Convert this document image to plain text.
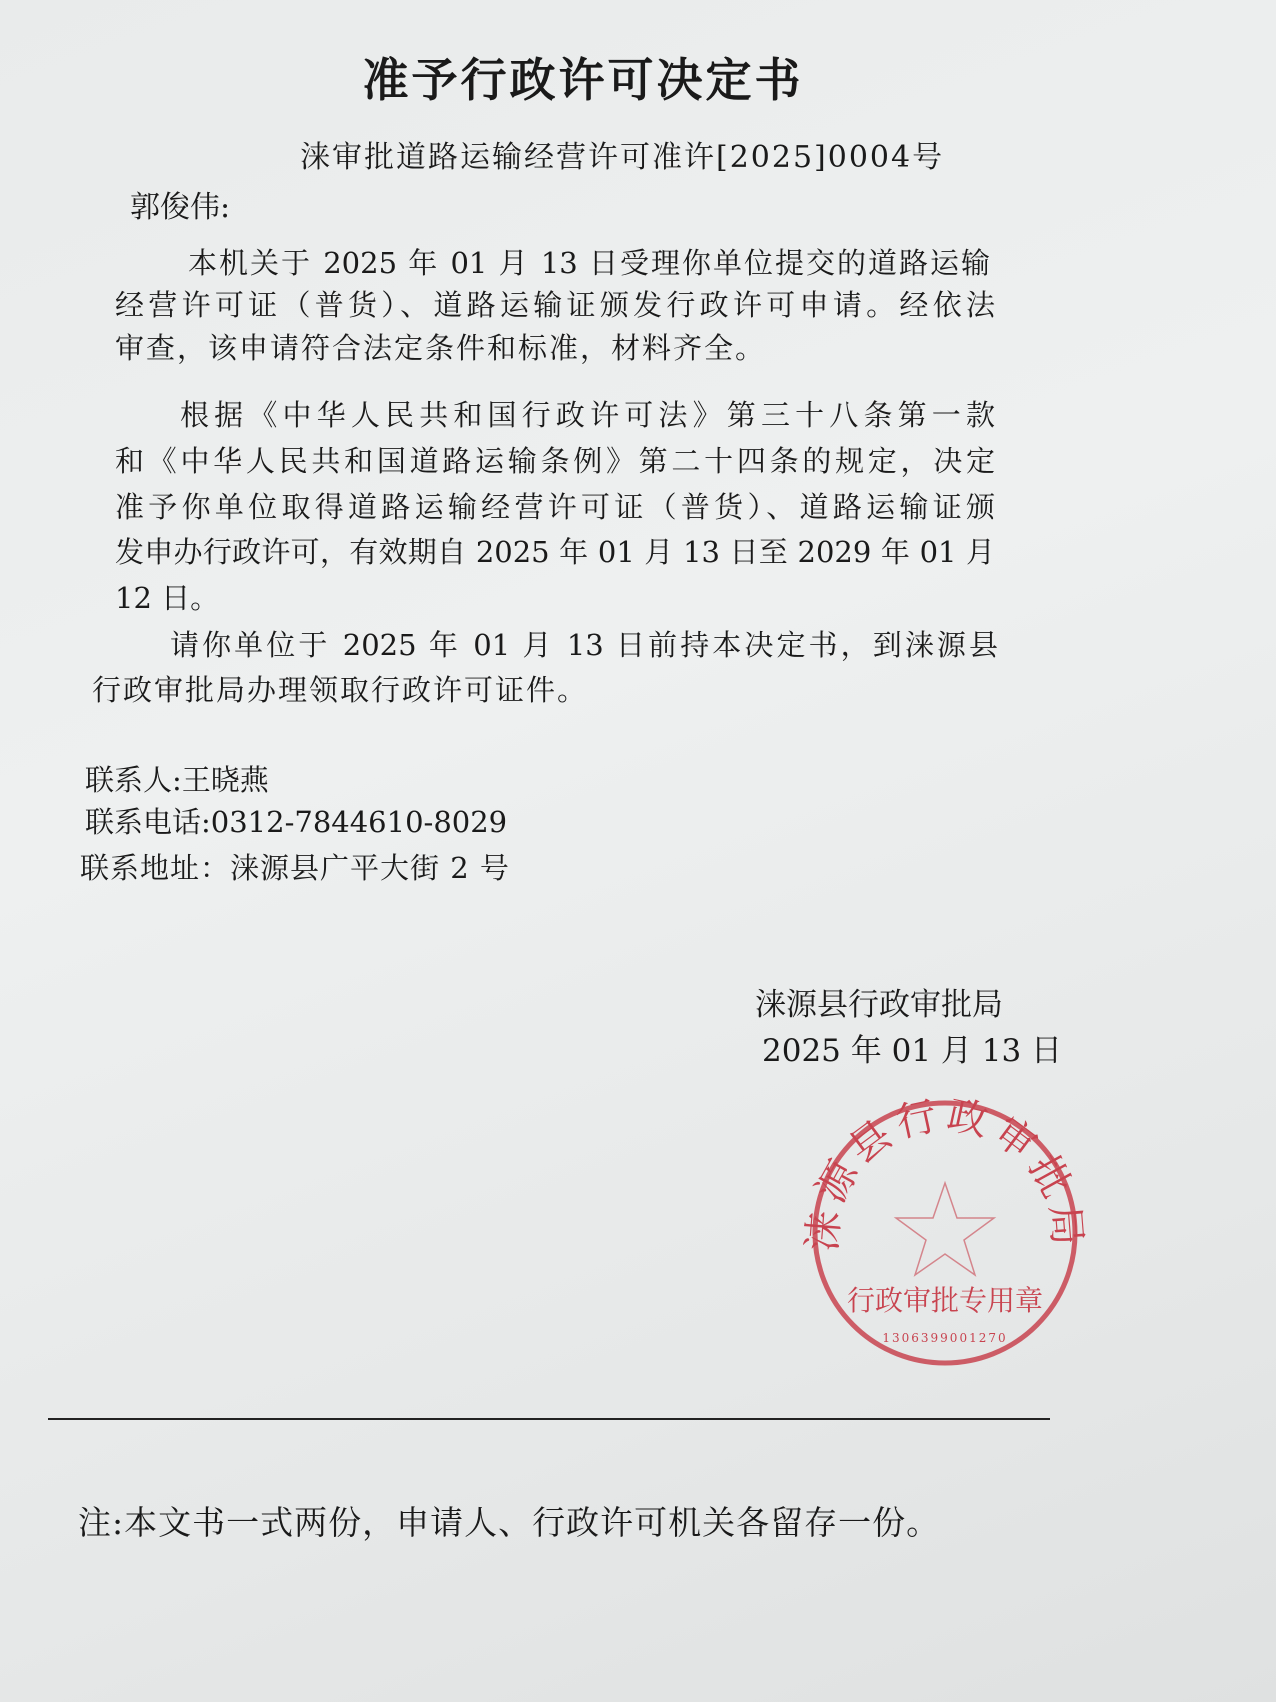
准予行政许可决定书
涞审批道路运输经营许可准许[2025]0004号
郭俊伟:
本机关于 2025 年 01 月 13 日受理你单位提交的道路运输
经营许可证（普货）、道路运输证颁发行政许可申请。经依法
审查，该申请符合法定条件和标准，材料齐全。
根据《中华人民共和国行政许可法》第三十八条第一款
和《中华人民共和国道路运输条例》第二十四条的规定，决定
准予你单位取得道路运输经营许可证（普货）、道路运输证颁
发申办行政许可，有效期自 2025 年 01 月 13 日至 2029 年 01 月
12 日。
请你单位于 2025 年 01 月 13 日前持本决定书，到涞源县
行政审批局办理领取行政许可证件。
联系人:王晓燕
联系电话:0312-7844610-8029
联系地址：涞源县广平大街 2 号
涞源县行政审批局
2025 年 01 月 13 日
涞源县行政审批局
行政审批专用章
1306399001270
注:本文书一式两份，申请人、行政许可机关各留存一份。
